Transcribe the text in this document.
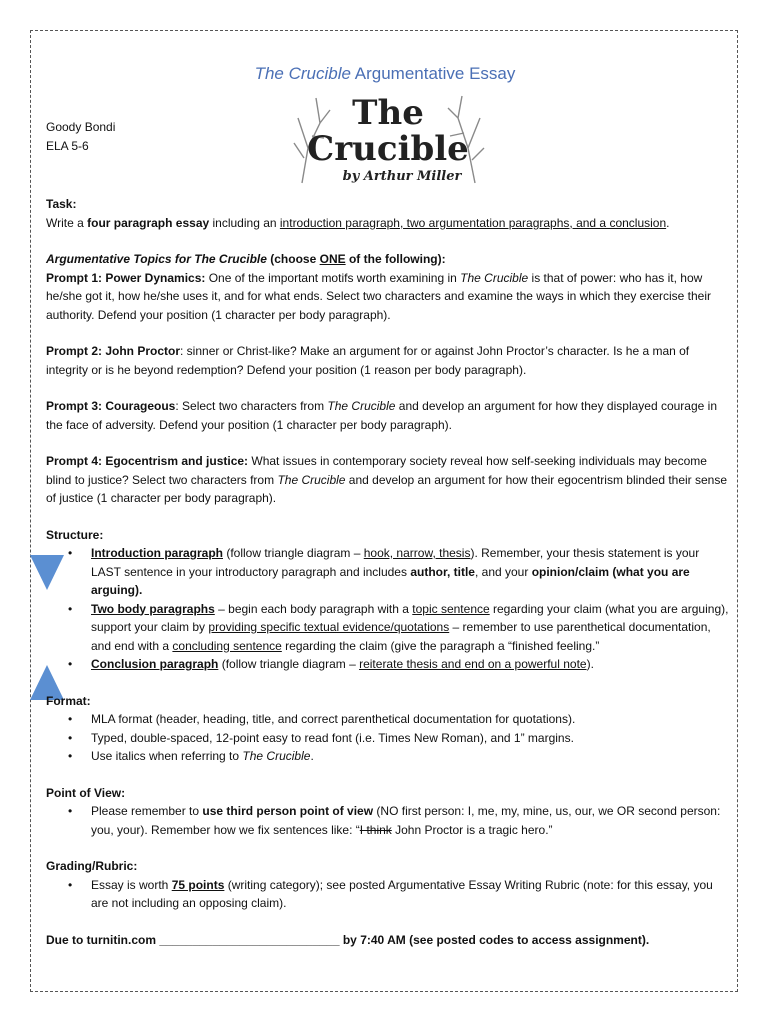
The Crucible Argumentative Essay
The
Crucible
by Arthur Miller
Goody Bondi
ELA 5-6

Task:
Write a four paragraph essay including an introduction paragraph, two argumentation paragraphs, and a conclusion.

Argumentative Topics for The Crucible (choose ONE of the following):
Prompt 1: Power Dynamics: One of the important motifs worth examining in The Crucible is that of power: who has it, how he/she got it, how he/she uses it, and for what ends. Select two characters and examine the ways in which they exercise their authority. Defend your position (1 character per body paragraph).

Prompt 2: John Proctor: sinner or Christ-like? Make an argument for or against John Proctor’s character. Is he a man of integrity or is he beyond redemption? Defend your position (1 reason per body paragraph).

Prompt 3: Courageous: Select two characters from The Crucible and develop an argument for how they displayed courage in the face of adversity. Defend your position (1 character per body paragraph).

Prompt 4: Egocentrism and justice: What issues in contemporary society reveal how self-seeking individuals may become blind to justice? Select two characters from The Crucible and develop an argument for how their egocentrism blinded their sense of justice (1 character per body paragraph).

Structure:
• Introduction paragraph (follow triangle diagram – hook, narrow, thesis). Remember, your thesis statement is your LAST sentence in your introductory paragraph and includes author, title, and your opinion/claim (what you are arguing).
• Two body paragraphs – begin each body paragraph with a topic sentence regarding your claim (what you are arguing), support your claim by providing specific textual evidence/quotations – remember to use parenthetical documentation, and end with a concluding sentence regarding the claim (give the paragraph a “finished feeling.”
• Conclusion paragraph (follow triangle diagram – reiterate thesis and end on a powerful note).
Format:
• MLA format (header, heading, title, and correct parenthetical documentation for quotations).
• Typed, double-spaced, 12-point easy to read font (i.e. Times New Roman), and 1” margins.
• Use italics when referring to The Crucible.
Point of View:
• Please remember to use third person point of view (NO first person: I, me, my, mine, us, our, we OR second person: you, your). Remember how we fix sentences like: “I think John Proctor is a tragic hero.”
Grading/Rubric:
• Essay is worth 75 points (writing category); see posted Argumentative Essay Writing Rubric (note: for this essay, you are not including an opposing claim).
Due to turnitin.com ___________________________ by 7:40 AM (see posted codes to access assignment).
